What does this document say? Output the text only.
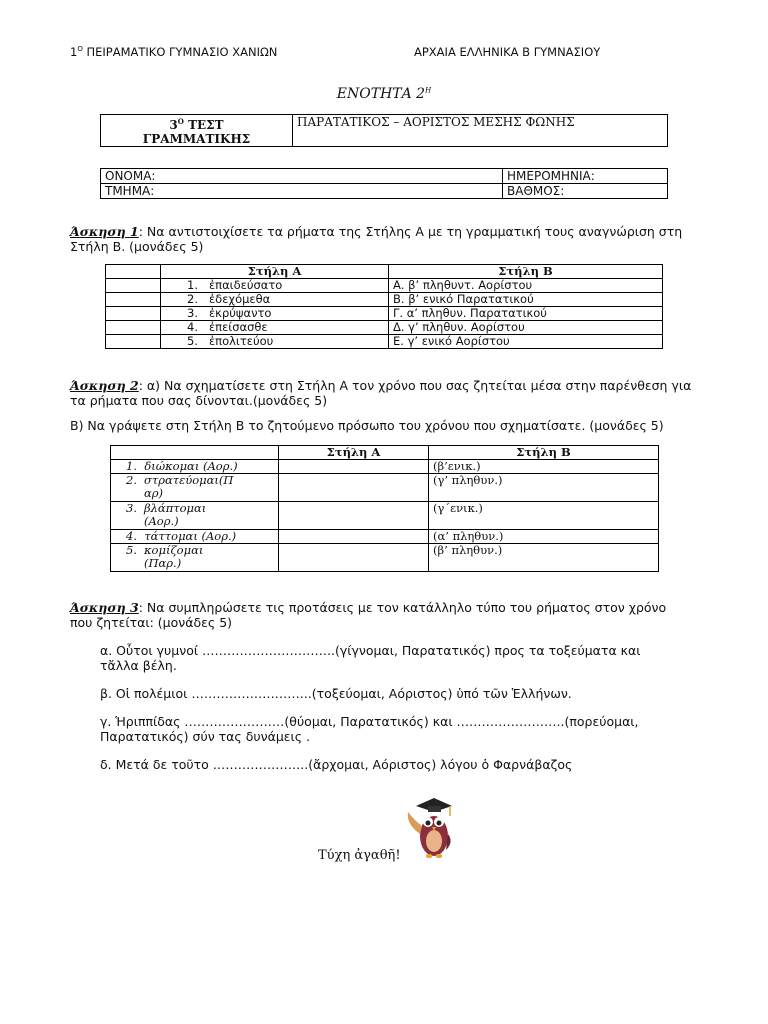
$1^O$ ΠΕΙΡΑΜΑΤΙΚΟ ΓΥΜΝΑΣΙΟ ΧΑΝΙΩΝ	ΑΡΧΑΙΑ ΕΛΛΗΝΙΚΑ Β ΓΥΜΝΑΣΙΟΥ
ΕΝΟΤΗΤΑ $2^H$
$3^O$ ΤΕΣΤ
ΓΡΑΜΜΑΤΙΚΗΣ	ΠΑΡΑΤΑΤΙΚΟΣ – ΑΟΡΙΣΤΟΣ ΜΕΣΗΣ ΦΩΝΗΣ
ΟΝΟΜΑ:	ΗΜΕΡΟΜΗΝΙΑ:
ΤΜΗΜΑ:	ΒΑΘΜΟΣ:
Άσκηση 1: Να αντιστοιχίσετε τα ρήματα της Στήλης Α με τη γραμματική τους αναγνώριση στη Στήλη Β. (μονάδες 5)
	Στήλη Α	Στήλη Β
	1. ἐπαιδεύσατο	Α. β’ πληθυντ. Αορίστου
	2. ἐδεχόμεθα	Β. β’ ενικό Παρατατικού
	3. ἐκρύψαντο	Γ. α’ πληθυν. Παρατατικού
	4. ἐπείσασθε	Δ. γ’ πληθυν. Αορίστου
	5. ἐπολιτεύου	Ε. γ’ ενικό Αορίστου
Άσκηση 2: α) Να σχηματίσετε στη Στήλη Α τον χρόνο που σας ζητείται μέσα στην παρένθεση για τα ρήματα που σας δίνονται.(μονάδες 5)
Β) Να γράψετε στη Στήλη Β το ζητούμενο πρόσωπο του χρόνου που σχηματίσατε. (μονάδες 5)
	Στήλη Α	Στήλη Β
1. διώκομαι (Αορ.)		(β’ενικ.)

2. στρατεύομαι(Π αρ)		(γ’ πληθυν.)

3. βλάπτομαι (Αορ.)		(γ΄ενικ.)
4. τάττομαι (Αορ.)		(α’ πληθυν.)

5. κομίζομαι (Παρ.)		(β’ πληθυν.)
Άσκηση 3: Να συμπληρώσετε τις προτάσεις με τον κατάλληλο τύπο του ρήματος στον χρόνο που ζητείται: (μονάδες 5)
α. Οὗτοι γυμνοί …………………………..(γίγνομαι, Παρατατικός) προς τα τοξεύματα και τἄλλα βέλη.
β. Οἱ πολέμιοι ………………………..(τοξεύομαι, Αόριστος) ὑπό τῶν Ἑλλήνων.
γ. Ἡριππίδας ……………………(θύομαι, Παρατατικός) και ……………………..(πορεύομαι, Παρατατικός) σύν τας δυνάμεις .
δ. Μετά δε τοῦτο …………………..(ἄρχομαι, Αόριστος) λόγου ὁ Φαρνάβαζος
Τύχη ἀγαθῆ!
